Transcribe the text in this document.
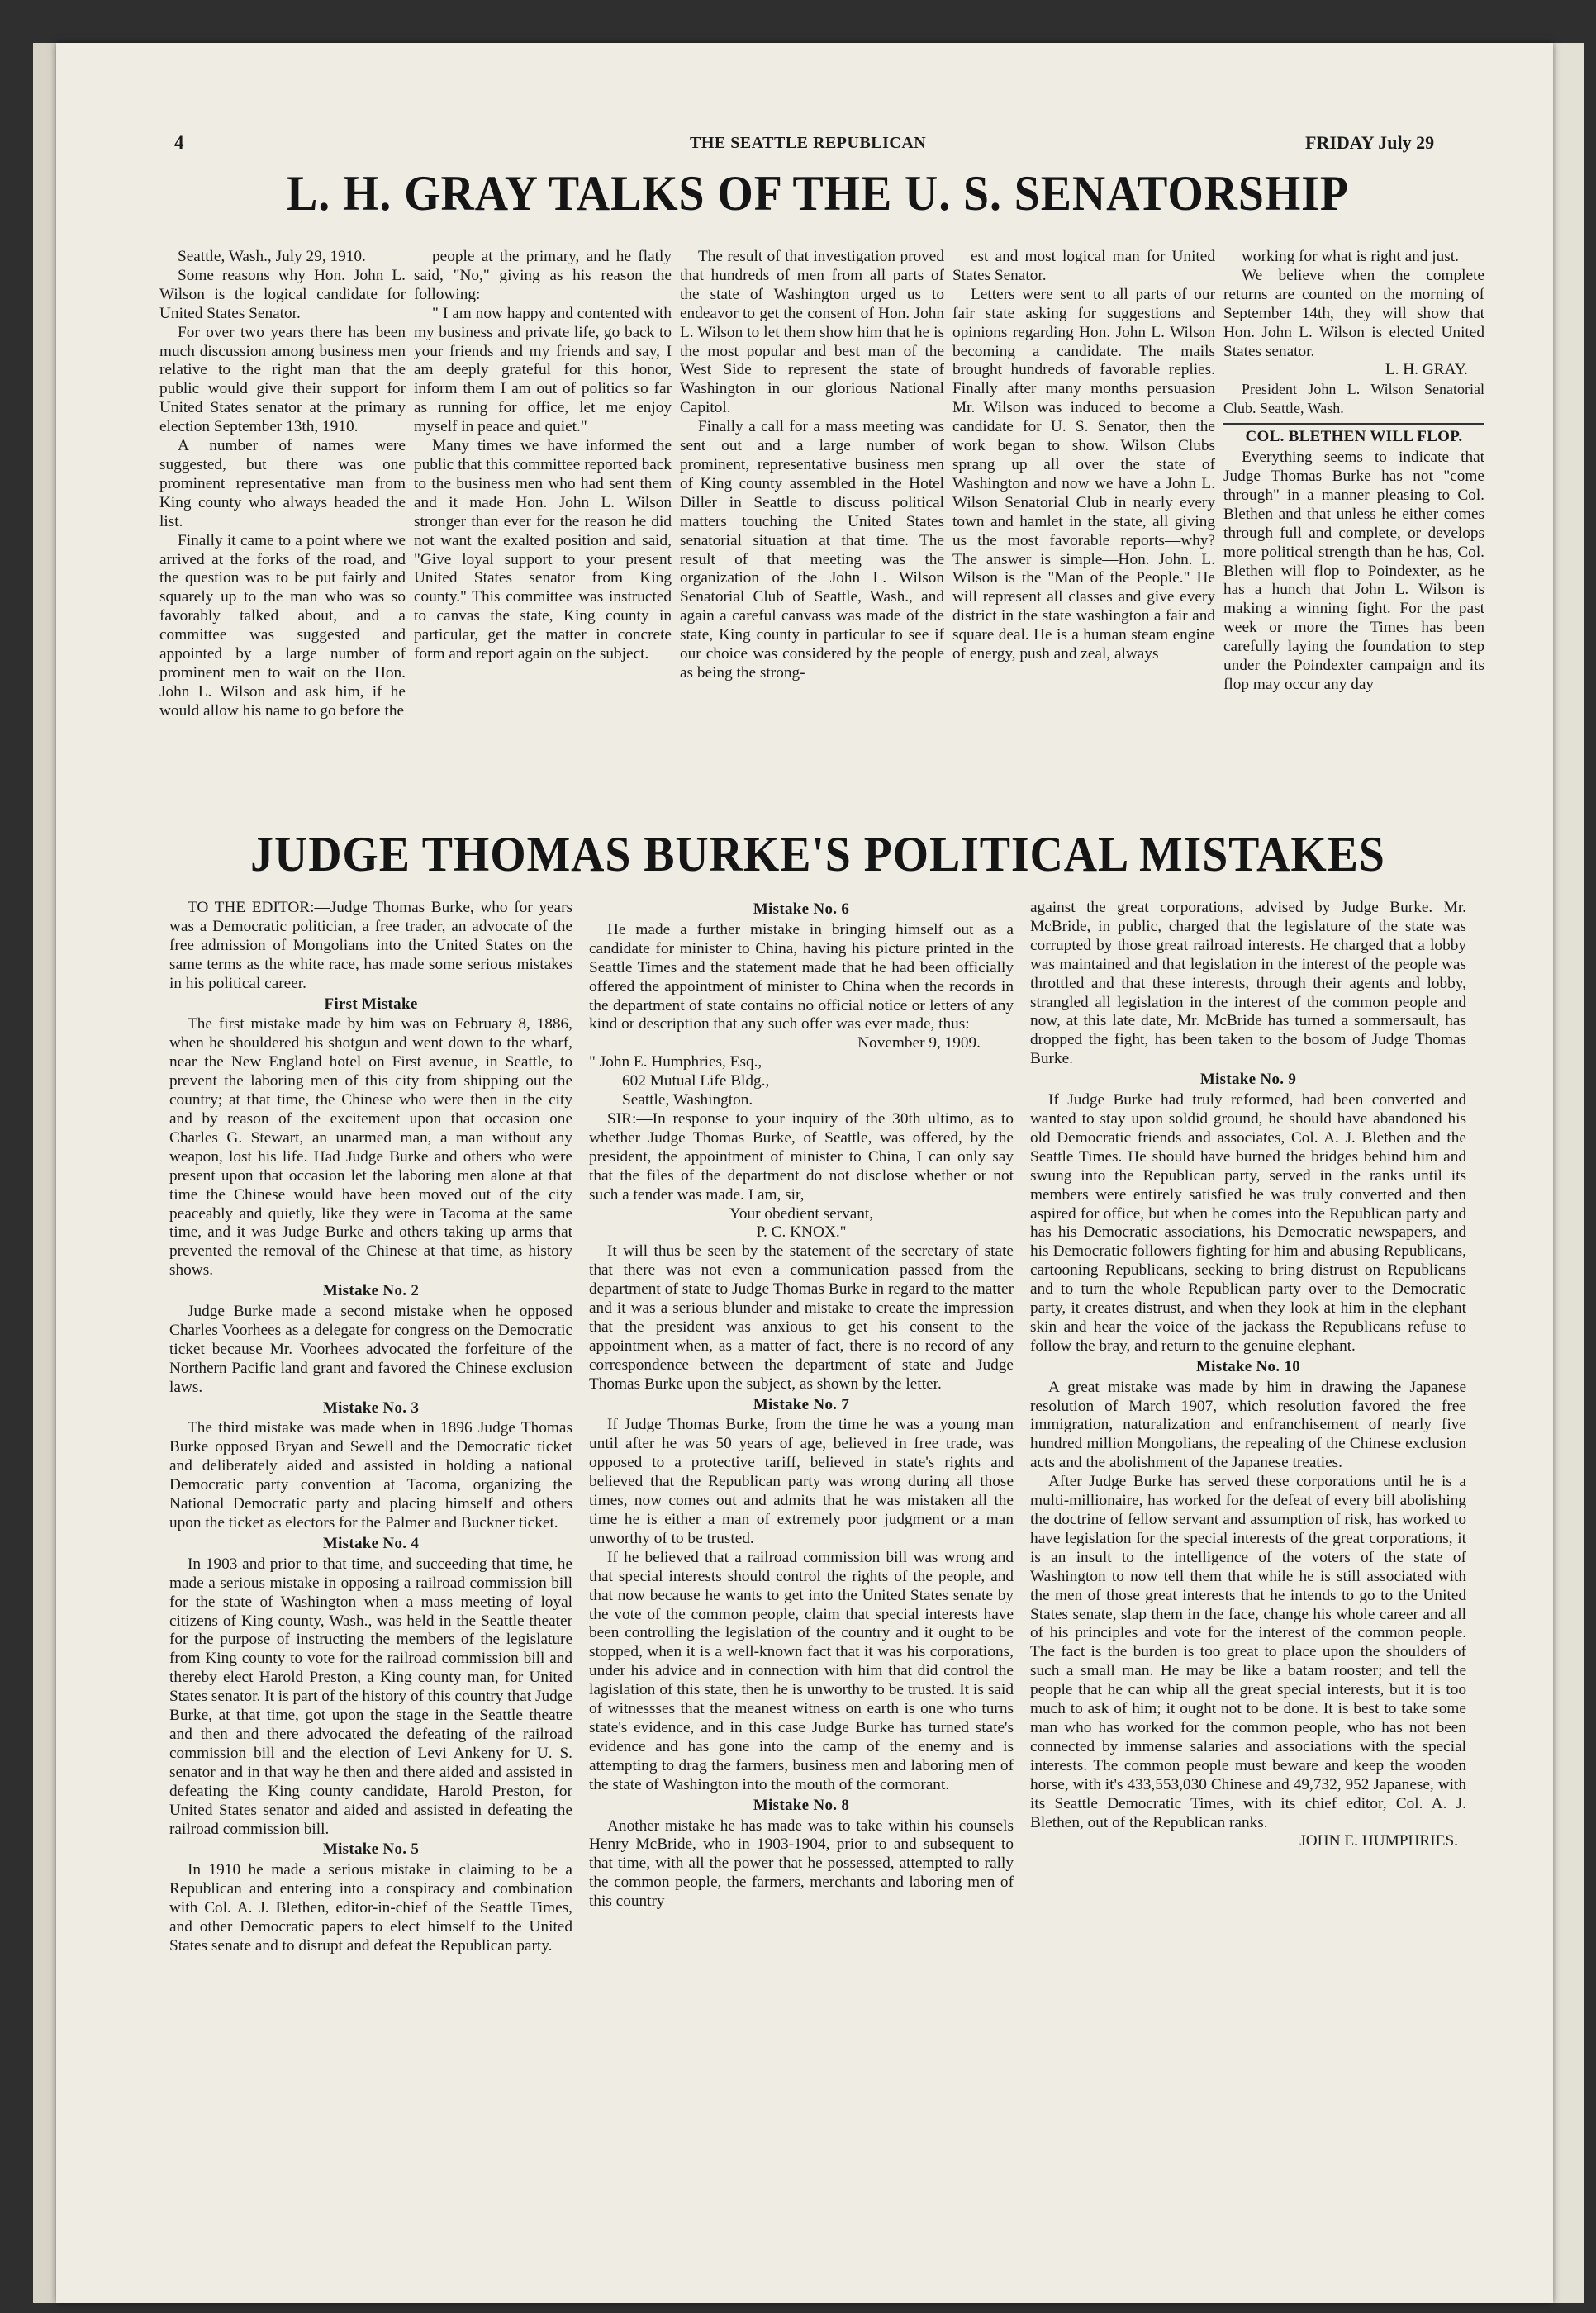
4	THE SEATTLE REPUBLICAN	FRIDAY July 29
L. H. GRAY TALKS OF THE U. S. SENATORSHIP

Seattle, Wash., July 29, 1910.

Some reasons why Hon. John L. Wilson is the logical candidate for United States Senator.

For over two years there has been much discussion among business men relative to the right man that the public would give their support for United States senator at the primary election September 13th, 1910.

A number of names were suggested, but there was one prominent representative man from King county who always headed the list.

Finally it came to a point where we arrived at the forks of the road, and the question was to be put fairly and squarely up to the man who was so favorably talked about, and a committee was suggested and appointed by a large number of prominent men to wait on the Hon. John L. Wilson and ask him, if he would allow his name to go before the

people at the primary, and he flatly said, "No," giving as his reason the following:

" I am now happy and contented with my business and private life, go back to your friends and my friends and say, I am deeply grateful for this honor, inform them I am out of politics so far as running for office, let me enjoy myself in peace and quiet."

Many times we have informed the public that this committee reported back to the business men who had sent them and it made Hon. John L. Wilson stronger than ever for the reason he did not want the exalted position and said, "Give loyal support to your present United States senator from King county." This committee was instructed to canvas the state, King county in particular, get the matter in concrete form and report again on the subject.

The result of that investigation proved that hundreds of men from all parts of the state of Washington urged us to endeavor to get the consent of Hon. John L. Wilson to let them show him that he is the most popular and best man of the West Side to represent the state of Washington in our glorious National Capitol.

Finally a call for a mass meeting was sent out and a large number of prominent, representative business men of King county assembled in the Hotel Diller in Seattle to discuss political matters touching the United States senatorial situation at that time. The result of that meeting was the organization of the John L. Wilson Senatorial Club of Seattle, Wash., and again a careful canvass was made of the state, King county in particular to see if our choice was considered by the people as being the strong-

est and most logical man for United States Senator.

Letters were sent to all parts of our fair state asking for suggestions and opinions regarding Hon. John L. Wilson becoming a candidate. The mails brought hundreds of favorable replies. Finally after many months persuasion Mr. Wilson was induced to become a candidate for U. S. Senator, then the work began to show. Wilson Clubs sprang up all over the state of Washington and now we have a John L. Wilson Senatorial Club in nearly every town and hamlet in the state, all giving us the most favorable reports—why? The answer is simple—Hon. John. L. Wilson is the "Man of the People." He will represent all classes and give every district in the state washington a fair and square deal. He is a human steam engine of energy, push and zeal, always

working for what is right and just.

We believe when the complete returns are counted on the morning of September 14th, they will show that Hon. John L. Wilson is elected United States senator.

L. H. GRAY.

President John L. Wilson Senatorial Club. Seattle, Wash.

COL. BLETHEN WILL FLOP.

Everything seems to indicate that Judge Thomas Burke has not "come through" in a manner pleasing to Col. Blethen and that unless he either comes through full and complete, or develops more political strength than he has, Col. Blethen will flop to Poindexter, as he has a hunch that John L. Wilson is making a winning fight. For the past week or more the Times has been carefully laying the foundation to step under the Poindexter campaign and its flop may occur any day

JUDGE THOMAS BURKE'S POLITICAL MISTAKES

TO THE EDITOR:—Judge Thomas Burke, who for years was a Democratic politician, a free trader, an advocate of the free admission of Mongolians into the United States on the same terms as the white race, has made some serious mistakes in his political career.

First Mistake

The first mistake made by him was on February 8, 1886, when he shouldered his shotgun and went down to the wharf, near the New England hotel on First avenue, in Seattle, to prevent the laboring men of this city from shipping out the country; at that time, the Chinese who were then in the city and by reason of the excitement upon that occasion one Charles G. Stewart, an unarmed man, a man without any weapon, lost his life. Had Judge Burke and others who were present upon that occasion let the laboring men alone at that time the Chinese would have been moved out of the city peaceably and quietly, like they were in Tacoma at the same time, and it was Judge Burke and others taking up arms that prevented the removal of the Chinese at that time, as history shows.

Mistake No. 2

Judge Burke made a second mistake when he opposed Charles Voorhees as a delegate for congress on the Democratic ticket because Mr. Voorhees advocated the forfeiture of the Northern Pacific land grant and favored the Chinese exclusion laws.

Mistake No. 3

The third mistake was made when in 1896 Judge Thomas Burke opposed Bryan and Sewell and the Democratic ticket and deliberately aided and assisted in holding a national Democratic party convention at Tacoma, organizing the National Democratic party and placing himself and others upon the ticket as electors for the Palmer and Buckner ticket.

Mistake No. 4

In 1903 and prior to that time, and succeeding that time, he made a serious mistake in opposing a railroad commission bill for the state of Washington when a mass meeting of loyal citizens of King county, Wash., was held in the Seattle theater for the purpose of instructing the members of the legislature from King county to vote for the railroad commission bill and thereby elect Harold Preston, a King county man, for United States senator. It is part of the history of this country that Judge Burke, at that time, got upon the stage in the Seattle theatre and then and there advocated the defeating of the railroad commission bill and the election of Levi Ankeny for U. S. senator and in that way he then and there aided and assisted in defeating the King county candidate, Harold Preston, for United States senator and aided and assisted in defeating the railroad commission bill.

Mistake No. 5

In 1910 he made a serious mistake in claiming to be a Republican and entering into a conspiracy and combination with Col. A. J. Blethen, editor-in-chief of the Seattle Times, and other Democratic papers to elect himself to the United States senate and to disrupt and defeat the Republican party.

Mistake No. 6

He made a further mistake in bringing himself out as a candidate for minister to China, having his picture printed in the Seattle Times and the statement made that he had been officially offered the appointment of minister to China when the records in the department of state contains no official notice or letters of any kind or description that any such offer was ever made, thus:

November 9, 1909.

" John E. Humphries, Esq.,

602 Mutual Life Bldg.,

Seattle, Washington.

SIR:—In response to your inquiry of the 30th ultimo, as to whether Judge Thomas Burke, of Seattle, was offered, by the president, the appointment of minister to China, I can only say that the files of the department do not disclose whether or not such a tender was made. I am, sir,

Your obedient servant,

P. C. KNOX."

It will thus be seen by the statement of the secretary of state that there was not even a communication passed from the department of state to Judge Thomas Burke in regard to the matter and it was a serious blunder and mistake to create the impression that the president was anxious to get his consent to the appointment when, as a matter of fact, there is no record of any correspondence between the department of state and Judge Thomas Burke upon the subject, as shown by the letter.

Mistake No. 7

If Judge Thomas Burke, from the time he was a young man until after he was 50 years of age, believed in free trade, was opposed to a protective tariff, believed in state's rights and believed that the Republican party was wrong during all those times, now comes out and admits that he was mistaken all the time he is either a man of extremely poor judgment or a man unworthy of to be trusted.

If he believed that a railroad commission bill was wrong and that special interests should control the rights of the people, and that now because he wants to get into the United States senate by the vote of the common people, claim that special interests have been controlling the legislation of the country and it ought to be stopped, when it is a well-known fact that it was his corporations, under his advice and in connection with him that did control the lagislation of this state, then he is unworthy to be trusted. It is said of witnessses that the meanest witness on earth is one who turns state's evidence, and in this case Judge Burke has turned state's evidence and has gone into the camp of the enemy and is attempting to drag the farmers, business men and laboring men of the state of Washington into the mouth of the cormorant.

Mistake No. 8

Another mistake he has made was to take within his counsels Henry McBride, who in 1903-1904, prior to and subsequent to that time, with all the power that he possessed, attempted to rally the common people, the farmers, merchants and laboring men of this country

against the great corporations, advised by Judge Burke. Mr. McBride, in public, charged that the legislature of the state was corrupted by those great railroad interests. He charged that a lobby was maintained and that legislation in the interest of the people was throttled and that these interests, through their agents and lobby, strangled all legislation in the interest of the common people and now, at this late date, Mr. McBride has turned a sommersault, has dropped the fight, has been taken to the bosom of Judge Thomas Burke.

Mistake No. 9

If Judge Burke had truly reformed, had been converted and wanted to stay upon soldid ground, he should have abandoned his old Democratic friends and associates, Col. A. J. Blethen and the Seattle Times. He should have burned the bridges behind him and swung into the Republican party, served in the ranks until its members were entirely satisfied he was truly converted and then aspired for office, but when he comes into the Republican party and has his Democratic associations, his Democratic newspapers, and his Democratic followers fighting for him and abusing Republicans, cartooning Republicans, seeking to bring distrust on Republicans and to turn the whole Republican party over to the Democratic party, it creates distrust, and when they look at him in the elephant skin and hear the voice of the jackass the Republicans refuse to follow the bray, and return to the genuine elephant.

Mistake No. 10

A great mistake was made by him in drawing the Japanese resolution of March 1907, which resolution favored the free immigration, naturalization and enfranchisement of nearly five hundred million Mongolians, the repealing of the Chinese exclusion acts and the abolishment of the Japanese treaties.

After Judge Burke has served these corporations until he is a multi-millionaire, has worked for the defeat of every bill abolishing the doctrine of fellow servant and assumption of risk, has worked to have legislation for the special interests of the great corporations, it is an insult to the intelligence of the voters of the state of Washington to now tell them that while he is still associated with the men of those great interests that he intends to go to the United States senate, slap them in the face, change his whole career and all of his principles and vote for the interest of the common people. The fact is the burden is too great to place upon the shoulders of such a small man. He may be like a batam rooster; and tell the people that he can whip all the great special interests, but it is too much to ask of him; it ought not to be done. It is best to take some man who has worked for the common people, who has not been connected by immense salaries and associations with the special interests. The common people must beware and keep the wooden horse, with it's 433,553,030 Chinese and 49,732, 952 Japanese, with its Seattle Democratic Times, with its chief editor, Col. A. J. Blethen, out of the Republican ranks.

JOHN E. HUMPHRIES.
